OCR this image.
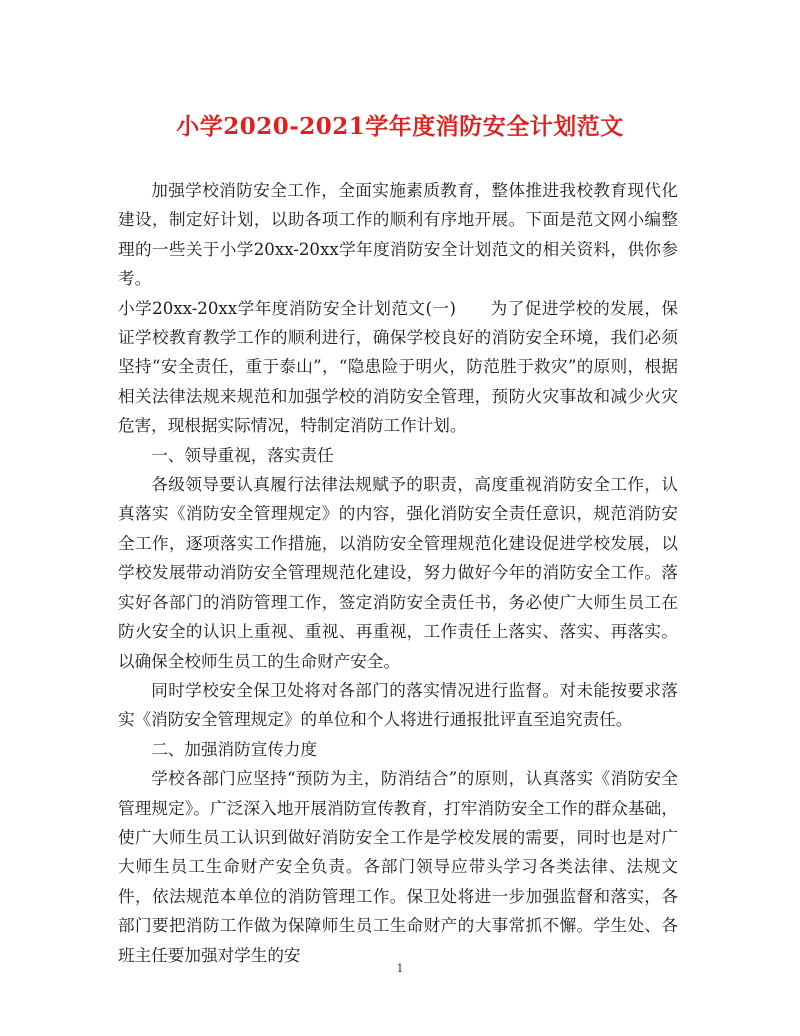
小学2020-2021学年度消防安全计划范文

加强学校消防安全工作，全面实施素质教育，整体推进我校教育现代化建设，制定好计划，以助各项工作的顺利有序地开展。下面是范文网小编整理的一些关于小学20xx-20xx学年度消防安全计划范文的相关资料，供你参考。

小学20xx-20xx学年度消防安全计划范文(一)　　为了促进学校的发展，保证学校教育教学工作的顺利进行，确保学校良好的消防安全环境，我们必须坚持“安全责任，重于泰山”，“隐患险于明火，防范胜于救灾”的原则，根据相关法律法规来规范和加强学校的消防安全管理，预防火灾事故和减少火灾危害，现根据实际情况，特制定消防工作计划。

一、领导重视，落实责任

各级领导要认真履行法律法规赋予的职责，高度重视消防安全工作，认真落实《消防安全管理规定》的内容，强化消防安全责任意识，规范消防安全工作，逐项落实工作措施，以消防安全管理规范化建设促进学校发展，以学校发展带动消防安全管理规范化建设，努力做好今年的消防安全工作。落实好各部门的消防管理工作，签定消防安全责任书，务必使广大师生员工在防火安全的认识上重视、重视、再重视，工作责任上落实、落实、再落实。以确保全校师生员工的生命财产安全。

同时学校安全保卫处将对各部门的落实情况进行监督。对未能按要求落实《消防安全管理规定》的单位和个人将进行通报批评直至追究责任。

二、加强消防宣传力度

学校各部门应坚持“预防为主，防消结合”的原则，认真落实《消防安全管理规定》。广泛深入地开展消防宣传教育，打牢消防安全工作的群众基础，使广大师生员工认识到做好消防安全工作是学校发展的需要，同时也是对广大师生员工生命财产安全负责。各部门领导应带头学习各类法律、法规文件，依法规范本单位的消防管理工作。保卫处将进一步加强监督和落实，各部门要把消防工作做为保障师生员工生命财产的大事常抓不懈。学生处、各班主任要加强对学生的安

1
